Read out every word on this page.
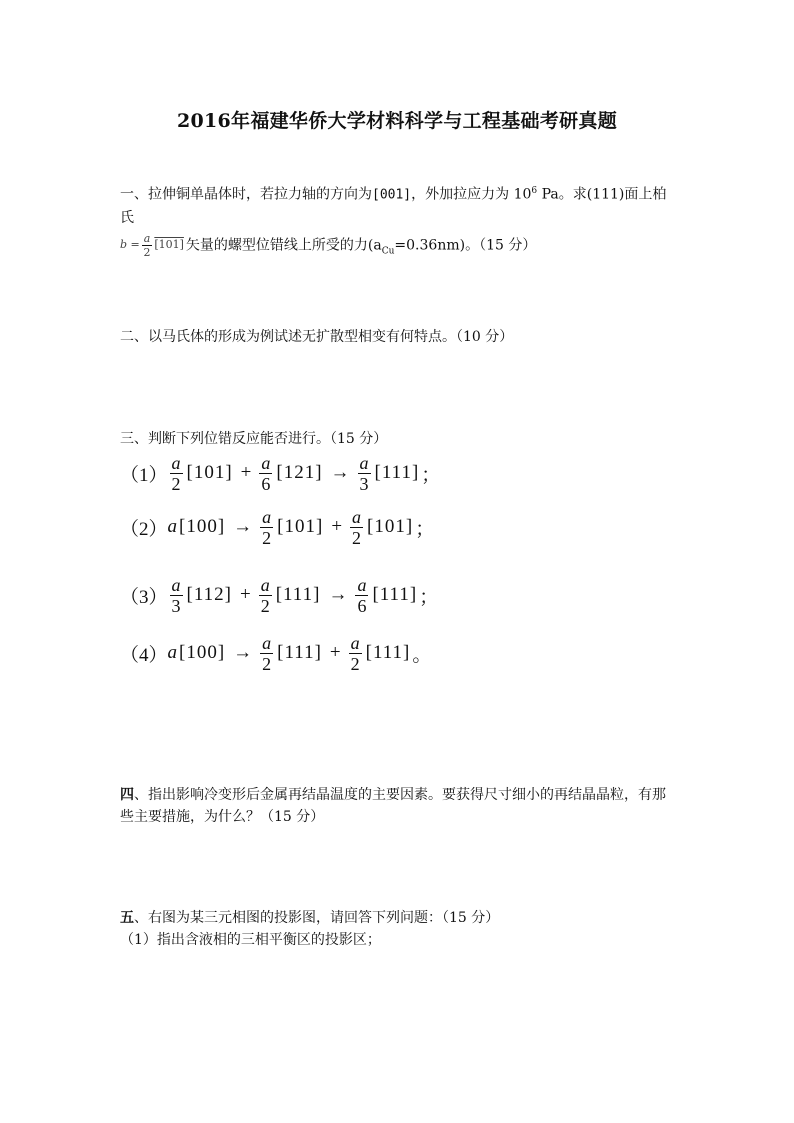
2016年福建华侨大学材料科学与工程基础考研真题
一、拉伸铜单晶体时，若拉力轴的方向为[001]，外加拉应力为 $10^6$ Pa。求(111)面上柏氏
$b = \frac{a}{2} [101]$ 矢量的螺型位错线上所受的力$(a_{Cu}=0.36nm)$。（15 分）
二、以马氏体的形成为例试述无扩散型相变有何特点。（10 分）
三、判断下列位错反应能否进行。（15 分）
$(1) \frac{a}{2} [101] + \frac{a}{6} [121] \to \frac{a}{3} [111]$ ；
（2） a $[100] \to \frac{a}{2} [101] + \frac{a}{2} [101]$ ；
$(3) \frac{a}{3} [112] + \frac{a}{2} [111] \to \frac{a}{6} [111]$ ；
（4） a $[100] \to \frac{a}{2} [111] + \frac{a}{2} [111]$ 。
四、指出影响冷变形后金属再结晶温度的主要因素。要获得尺寸细小的再结晶晶粒，有那
些主要措施，为什么？（15 分）
五、右图为某三元相图的投影图，请回答下列问题：（15 分）
（1）指出含液相的三相平衡区的投影区；
